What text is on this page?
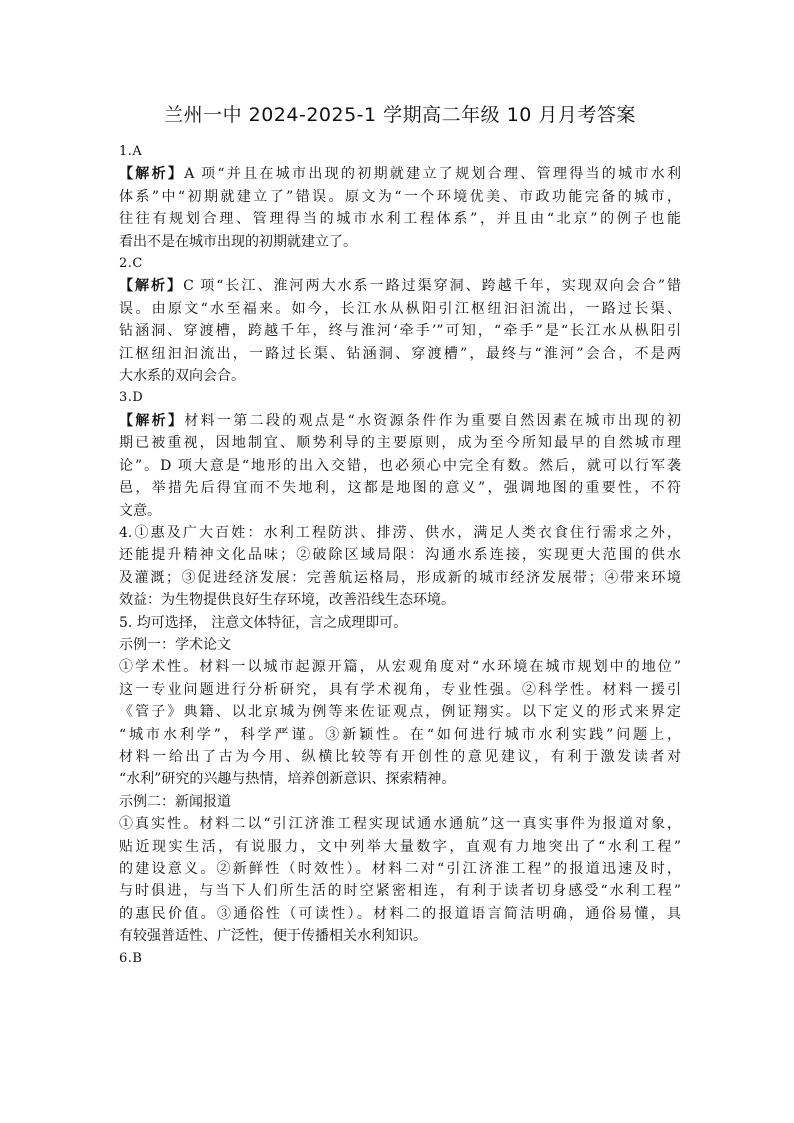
兰州一中 2024-2025-1 学期高二年级 10 月月考答案

1.A

【解析】A 项“并且在城市出现的初期就建立了规划合理、管理得当的城市水利

体系”中“初期就建立了”错误。原文为“一个环境优美、市政功能完备的城市，

往往有规划合理、管理得当的城市水利工程体系”，并且由“北京”的例子也能

看出不是在城市出现的初期就建立了。

2.C

【解析】C 项“长江、淮河两大水系一路过渠穿洞、跨越千年，实现双向会合”错

误。由原文“水至福来。如今，长江水从枞阳引江枢纽汩汩流出，一路过长渠、

钻涵洞、穿渡槽，跨越千年，终与淮河‘牵手’”可知，“牵手”是“长江水从枞阳引

江枢纽汩汩流出，一路过长渠、钻涵洞、穿渡槽”，最终与“淮河”会合，不是两

大水系的双向会合。

3.D

【解析】材料一第二段的观点是“水资源条件作为重要自然因素在城市出现的初

期已被重视，因地制宜、顺势利导的主要原则，成为至今所知最早的自然城市理

论”。D 项大意是“地形的出入交错，也必须心中完全有数。然后，就可以行军袭

邑，举措先后得宜而不失地利，这都是地图的意义”，强调地图的重要性，不符

文意。

4.①惠及广大百姓：水利工程防洪、排涝、供水，满足人类衣食住行需求之外，

还能提升精神文化品味；②破除区域局限：沟通水系连接，实现更大范围的供水

及灌溉；③促进经济发展：完善航运格局，形成新的城市经济发展带；④带来环境

效益：为生物提供良好生存环境，改善沿线生态环境。

5. 均可选择， 注意文体特征，言之成理即可。

示例一：学术论文

①学术性。材料一以城市起源开篇，从宏观角度对“水环境在城市规划中的地位”

这一专业问题进行分析研究，具有学术视角，专业性强。②科学性。材料一援引

《管子》典籍、以北京城为例等来佐证观点，例证翔实。以下定义的形式来界定

“城市水利学”，科学严谨。③新颖性。在“如何进行城市水利实践”问题上，

材料一给出了古为今用、纵横比较等有开创性的意见建议，有利于激发读者对

“水利”研究的兴趣与热情，培养创新意识、探索精神。

示例二：新闻报道

①真实性。材料二以“引江济淮工程实现试通水通航”这一真实事件为报道对象，

贴近现实生活，有说服力，文中列举大量数字，直观有力地突出了“水利工程”

的建设意义。②新鲜性（时效性）。材料二对“引江济淮工程”的报道迅速及时，

与时俱进，与当下人们所生活的时空紧密相连，有利于读者切身感受“水利工程”

的惠民价值。③通俗性（可读性）。材料二的报道语言简洁明确，通俗易懂，具

有较强普适性、广泛性，便于传播相关水利知识。

6.B
